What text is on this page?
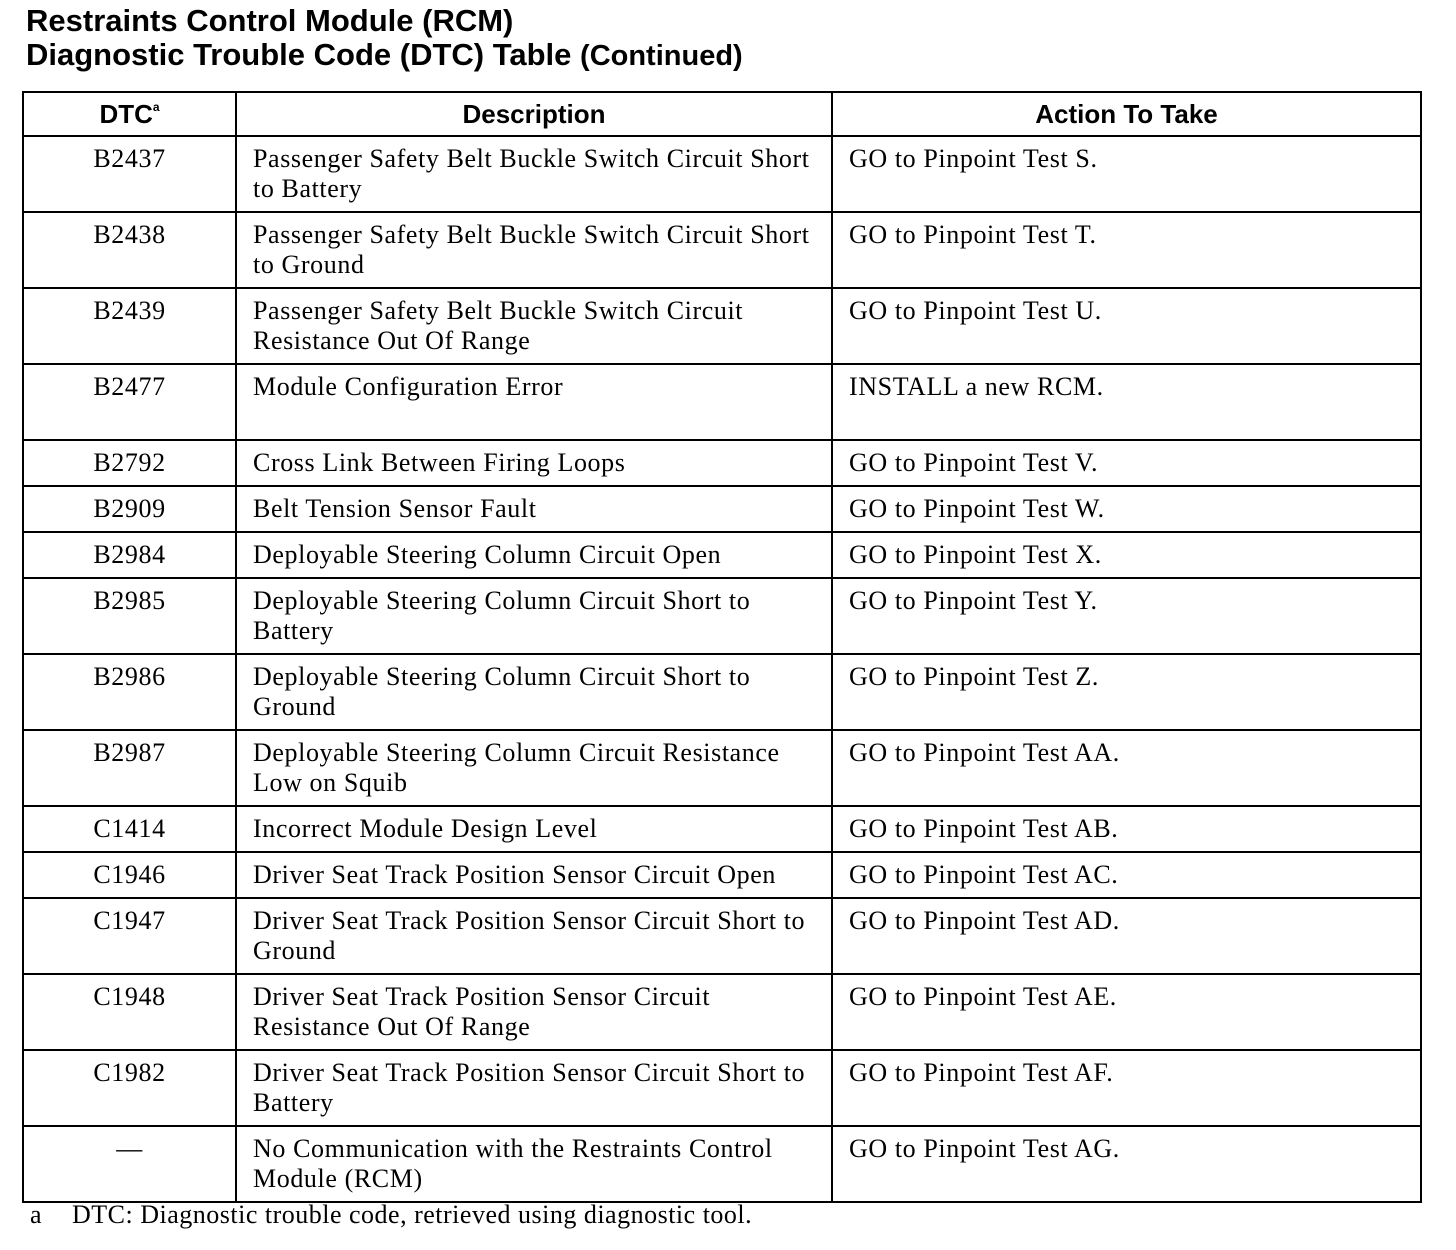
Restraints Control Module (RCM)
Diagnostic Trouble Code (DTC) Table (Continued)
DTC$^a$	Description	Action To Take
B2437	Passenger Safety Belt Buckle Switch Circuit Short to Battery	GO to Pinpoint Test S.
B2438	Passenger Safety Belt Buckle Switch Circuit Short to Ground	GO to Pinpoint Test T.
B2439	Passenger Safety Belt Buckle Switch Circuit Resistance Out Of Range	GO to Pinpoint Test U.
B2477	Module Configuration Error	INSTALL a new RCM.
B2792	Cross Link Between Firing Loops	GO to Pinpoint Test V.
B2909	Belt Tension Sensor Fault	GO to Pinpoint Test W.
B2984	Deployable Steering Column Circuit Open	GO to Pinpoint Test X.
B2985	Deployable Steering Column Circuit Short to Battery	GO to Pinpoint Test Y.
B2986	Deployable Steering Column Circuit Short to Ground	GO to Pinpoint Test Z.
B2987	Deployable Steering Column Circuit Resistance Low on Squib	GO to Pinpoint Test AA.
C1414	Incorrect Module Design Level	GO to Pinpoint Test AB.
C1946	Driver Seat Track Position Sensor Circuit Open	GO to Pinpoint Test AC.
C1947	Driver Seat Track Position Sensor Circuit Short to Ground	GO to Pinpoint Test AD.
C1948	Driver Seat Track Position Sensor Circuit Resistance Out Of Range	GO to Pinpoint Test AE.
C1982	Driver Seat Track Position Sensor Circuit Short to Battery	GO to Pinpoint Test AF.
—	No Communication with the Restraints Control Module (RCM)	GO to Pinpoint Test AG.
a DTC: Diagnostic trouble code, retrieved using diagnostic tool.
